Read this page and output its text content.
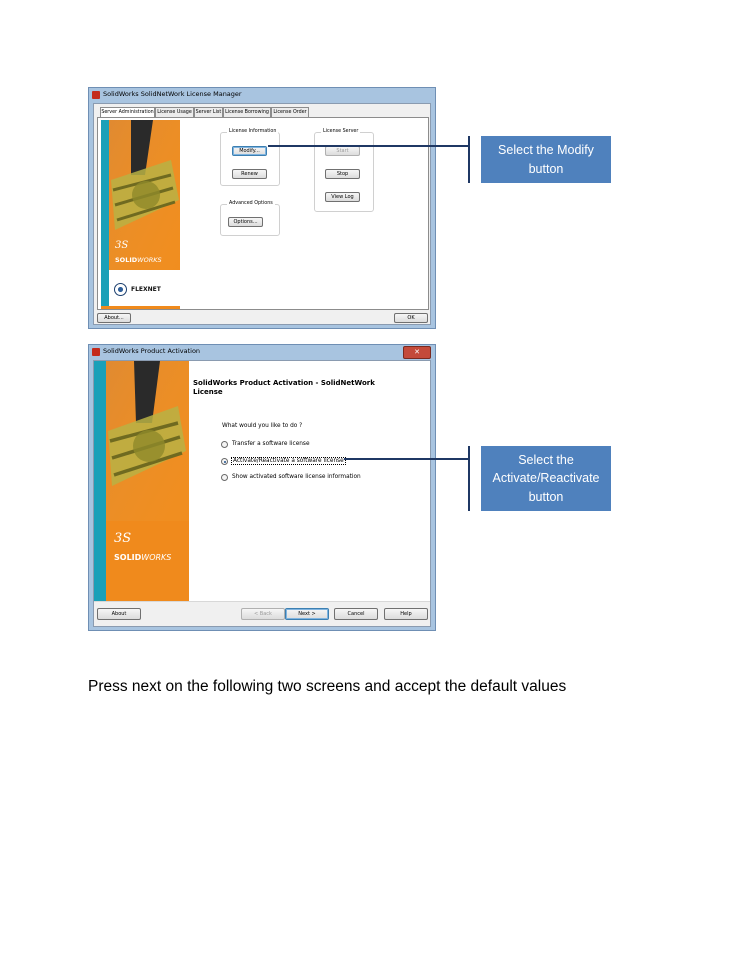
SolidWorks SolidNetWork License Manager
Server Administration License Usage Server List License Borrowing License Order
3S
SOLIDWORKS
FLEXNET
License Information
Modify...
Renew
License Server
Start
Stop
View Log
Advanced Options
Options...
About...	OK
Select the Modify button
SolidWorks Product Activation	✕
3S
SOLIDWORKS
SolidWorks Product Activation - SolidNetWork License
What would you like to do ?
Transfer a software license
Activate/Reactivate a software license
Show activated software license information
About	< Back	Next >	Cancel	Help
Select the Activate/Reactivate button
Press next on the following two screens and accept the default values
